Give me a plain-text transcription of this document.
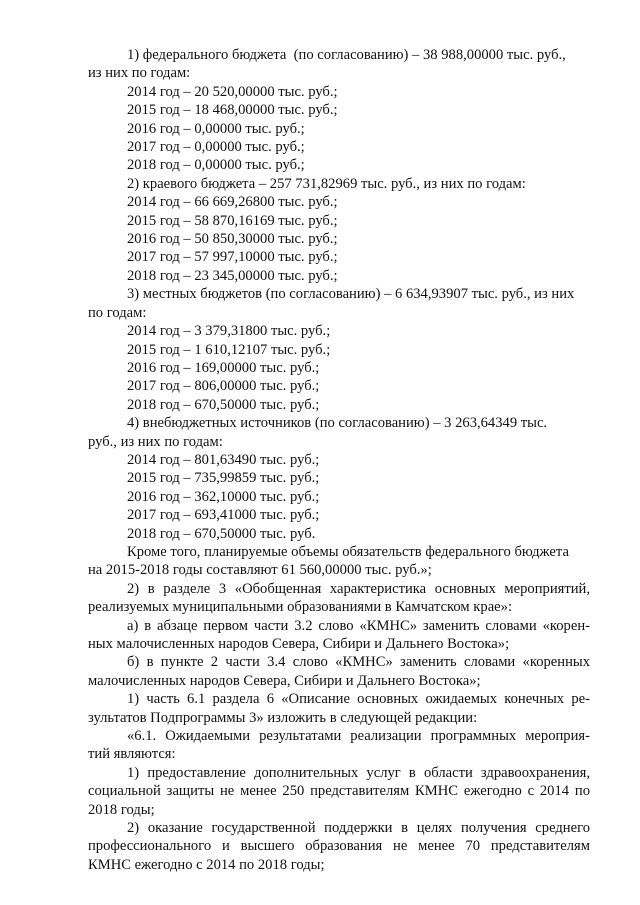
1) федерального бюджета  (по согласованию) – 38 988,00000 тыс. руб.,
из них по годам:
2014 год – 20 520,00000 тыс. руб.;
2015 год – 18 468,00000 тыс. руб.;
2016 год – 0,00000 тыс. руб.;
2017 год – 0,00000 тыс. руб.;
2018 год – 0,00000 тыс. руб.;
2) краевого бюджета – 257 731,82969 тыс. руб., из них по годам:
2014 год – 66 669,26800 тыс. руб.;
2015 год – 58 870,16169 тыс. руб.;
2016 год – 50 850,30000 тыс. руб.;
2017 год – 57 997,10000 тыс. руб.;
2018 год – 23 345,00000 тыс. руб.;
3) местных бюджетов (по согласованию) – 6 634,93907 тыс. руб., из них
по годам:
2014 год – 3 379,31800 тыс. руб.;
2015 год – 1 610,12107 тыс. руб.;
2016 год – 169,00000 тыс. руб.;
2017 год – 806,00000 тыс. руб.;
2018 год – 670,50000 тыс. руб.;
4) внебюджетных источников (по согласованию) – 3 263,64349 тыс.
руб., из них по годам:
2014 год – 801,63490 тыс. руб.;
2015 год – 735,99859 тыс. руб.;
2016 год – 362,10000 тыс. руб.;
2017 год – 693,41000 тыс. руб.;
2018 год – 670,50000 тыс. руб.
Кроме того, планируемые объемы обязательств федерального бюджета
на 2015-2018 годы составляют 61 560,00000 тыс. руб.»;
2) в разделе 3 «Обобщенная характеристика основных мероприятий,
реализуемых муниципальными образованиями в Камчатском крае»:
а) в абзаце первом части 3.2 слово «КМНС» заменить словами «корен-
ных малочисленных народов Севера, Сибири и Дальнего Востока»;
б) в пункте 2 части 3.4 слово «КМНС» заменить словами «коренных
малочисленных народов Севера, Сибири и Дальнего Востока»;
1) часть 6.1 раздела 6 «Описание основных ожидаемых конечных ре-
зультатов Подпрограммы 3» изложить в следующей редакции:
«6.1. Ожидаемыми результатами реализации программных мероприя-
тий являются:
1) предоставление дополнительных услуг в области здравоохранения,
социальной защиты не менее 250 представителям КМНС ежегодно с 2014 по
2018 годы;
2) оказание государственной поддержки в целях получения среднего
профессионального и высшего образования не менее 70 представителям
КМНС ежегодно с 2014 по 2018 годы;
